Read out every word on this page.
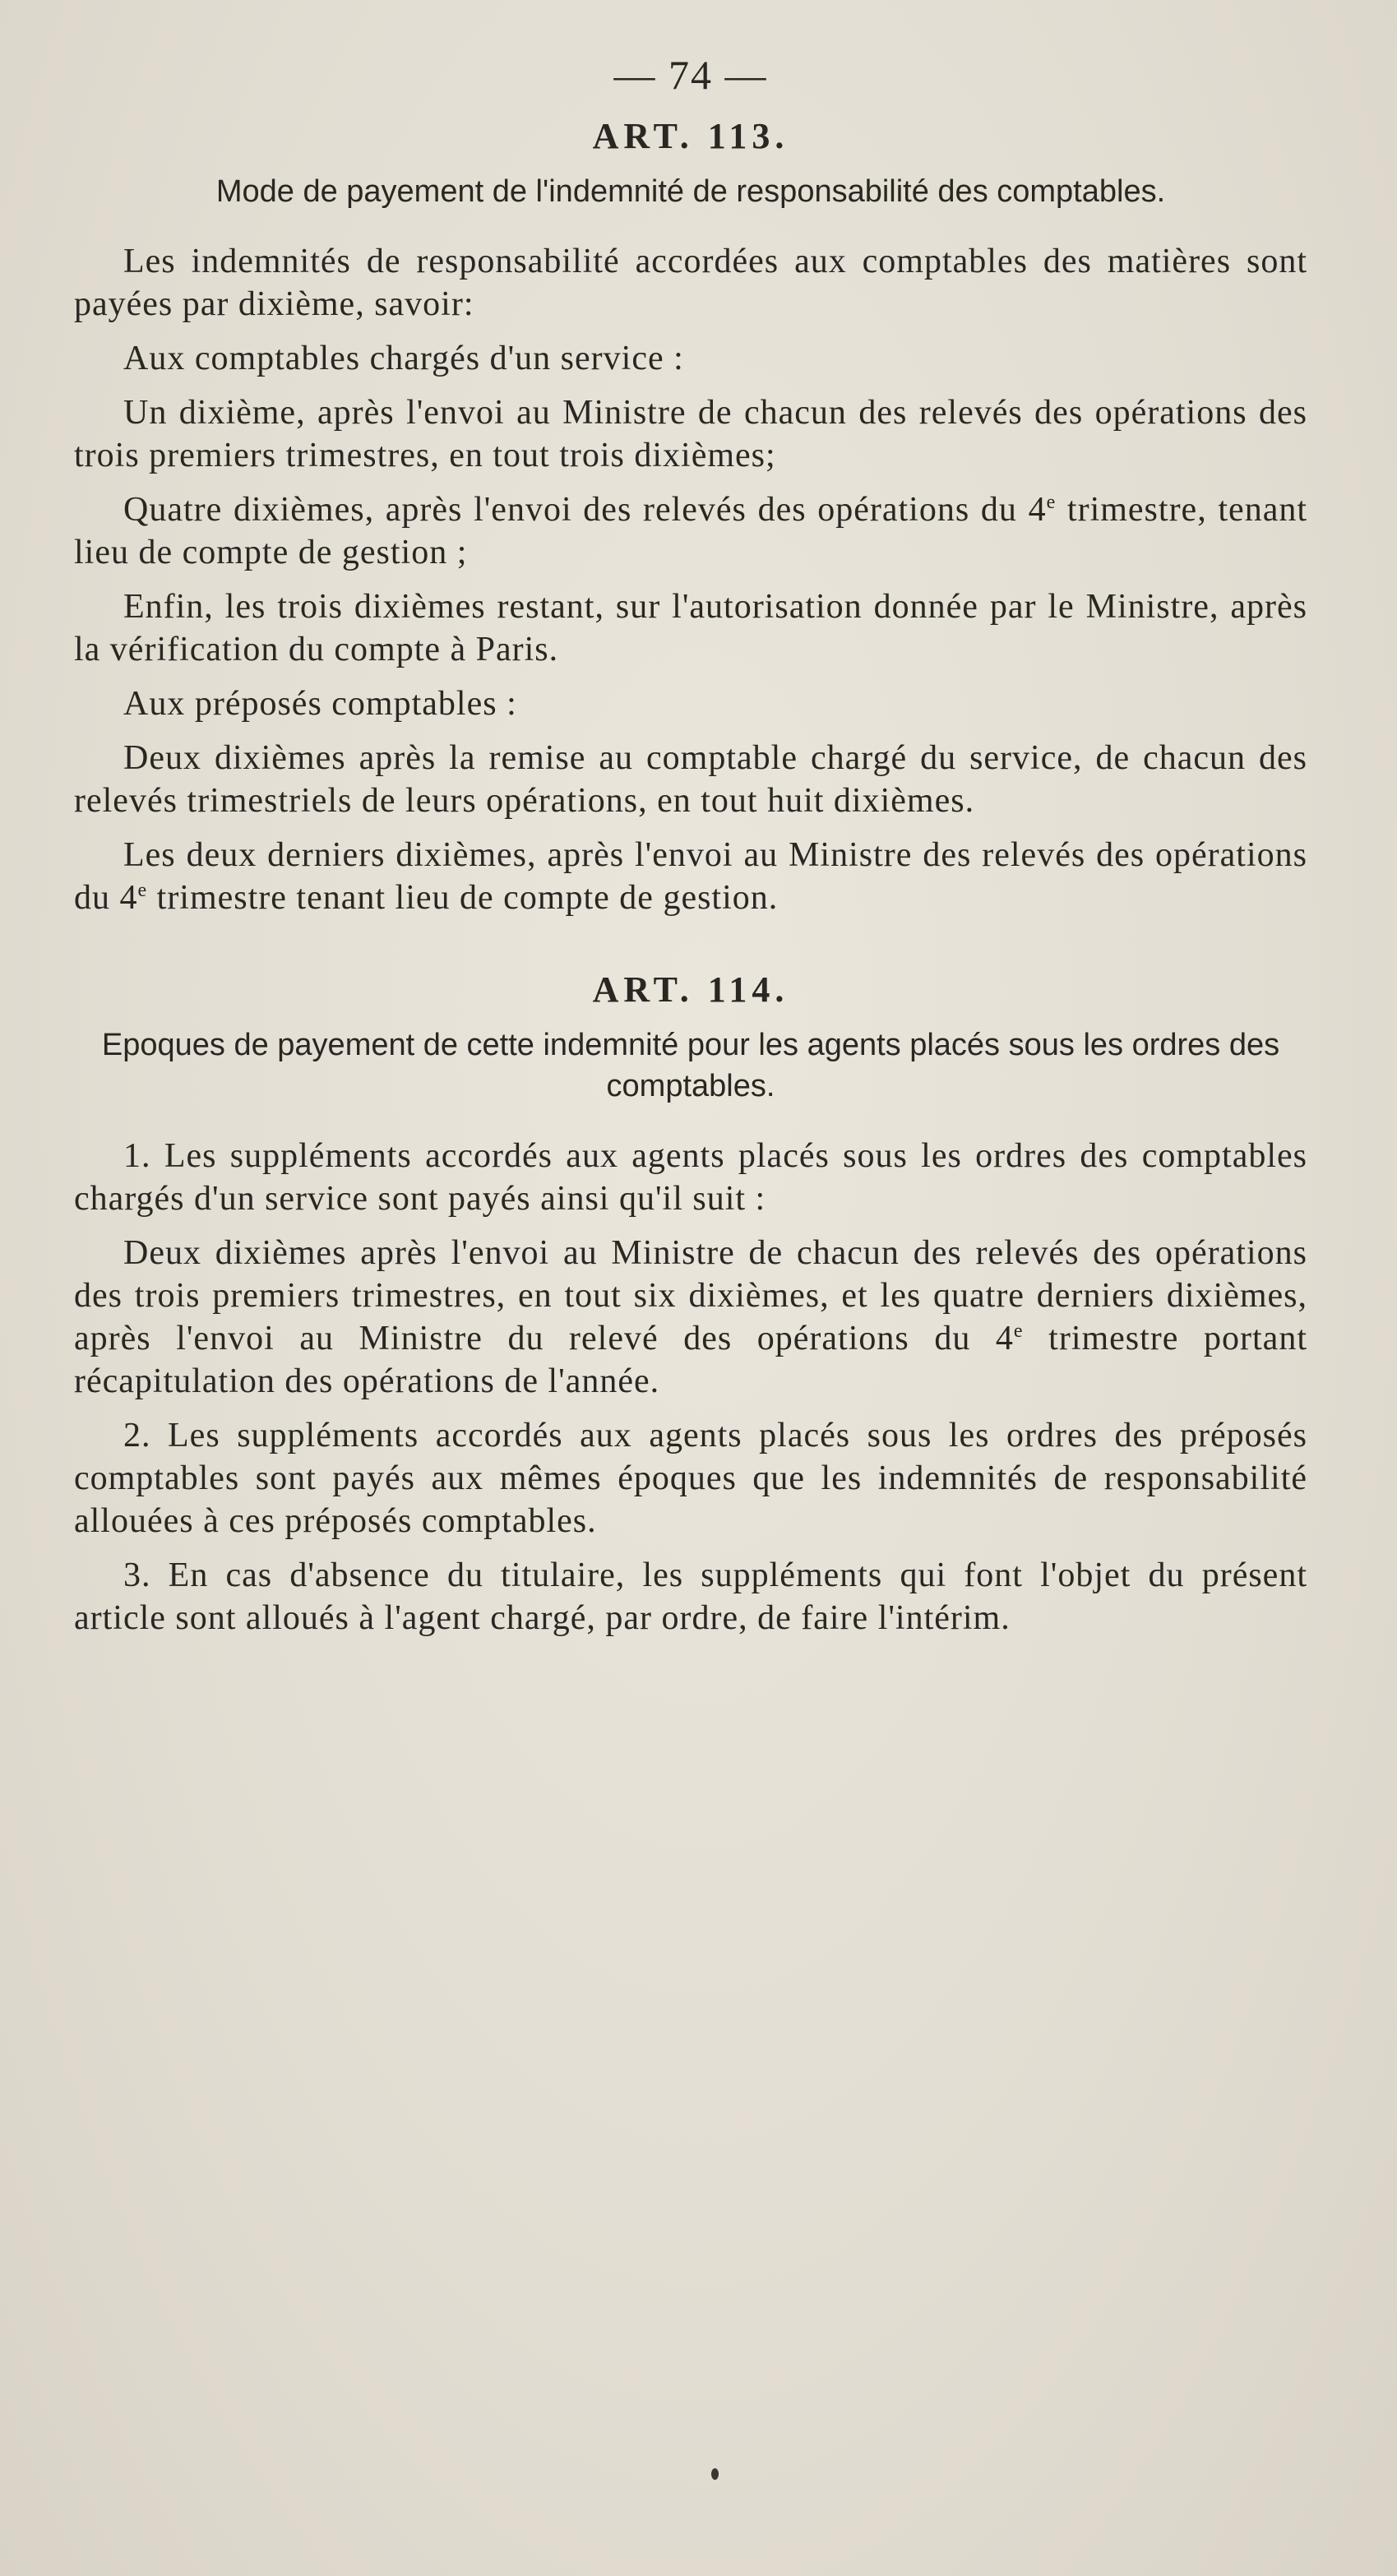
— 74 —
ART. 113.
Mode de payement de l'indemnité de responsabilité des comptables.

Les indemnités de responsabilité accordées aux comptables des matières sont payées par dixième, savoir:

Aux comptables chargés d'un service :

Un dixième, après l'envoi au Ministre de chacun des relevés des opérations des trois premiers trimestres, en tout trois dixièmes;

Quatre dixièmes, après l'envoi des relevés des opérations du 4e trimestre, tenant lieu de compte de gestion ;

Enfin, les trois dixièmes restant, sur l'autorisation donnée par le Ministre, après la vérification du compte à Paris.

Aux préposés comptables :

Deux dixièmes après la remise au comptable chargé du service, de chacun des relevés trimestriels de leurs opérations, en tout huit dixièmes.

Les deux derniers dixièmes, après l'envoi au Ministre des relevés des opérations du 4e trimestre tenant lieu de compte de gestion.

ART. 114.
Epoques de payement de cette indemnité pour les agents placés sous les ordres des comptables.

1. Les suppléments accordés aux agents placés sous les ordres des comptables chargés d'un service sont payés ainsi qu'il suit :

Deux dixièmes après l'envoi au Ministre de chacun des relevés des opérations des trois premiers trimestres, en tout six dixièmes, et les quatre derniers dixièmes, après l'envoi au Ministre du relevé des opérations du 4e trimestre portant récapitulation des opérations de l'année.

2. Les suppléments accordés aux agents placés sous les ordres des préposés comptables sont payés aux mêmes époques que les indemnités de responsabilité allouées à ces préposés comptables.

3. En cas d'absence du titulaire, les suppléments qui font l'objet du présent article sont alloués à l'agent chargé, par ordre, de faire l'intérim.
